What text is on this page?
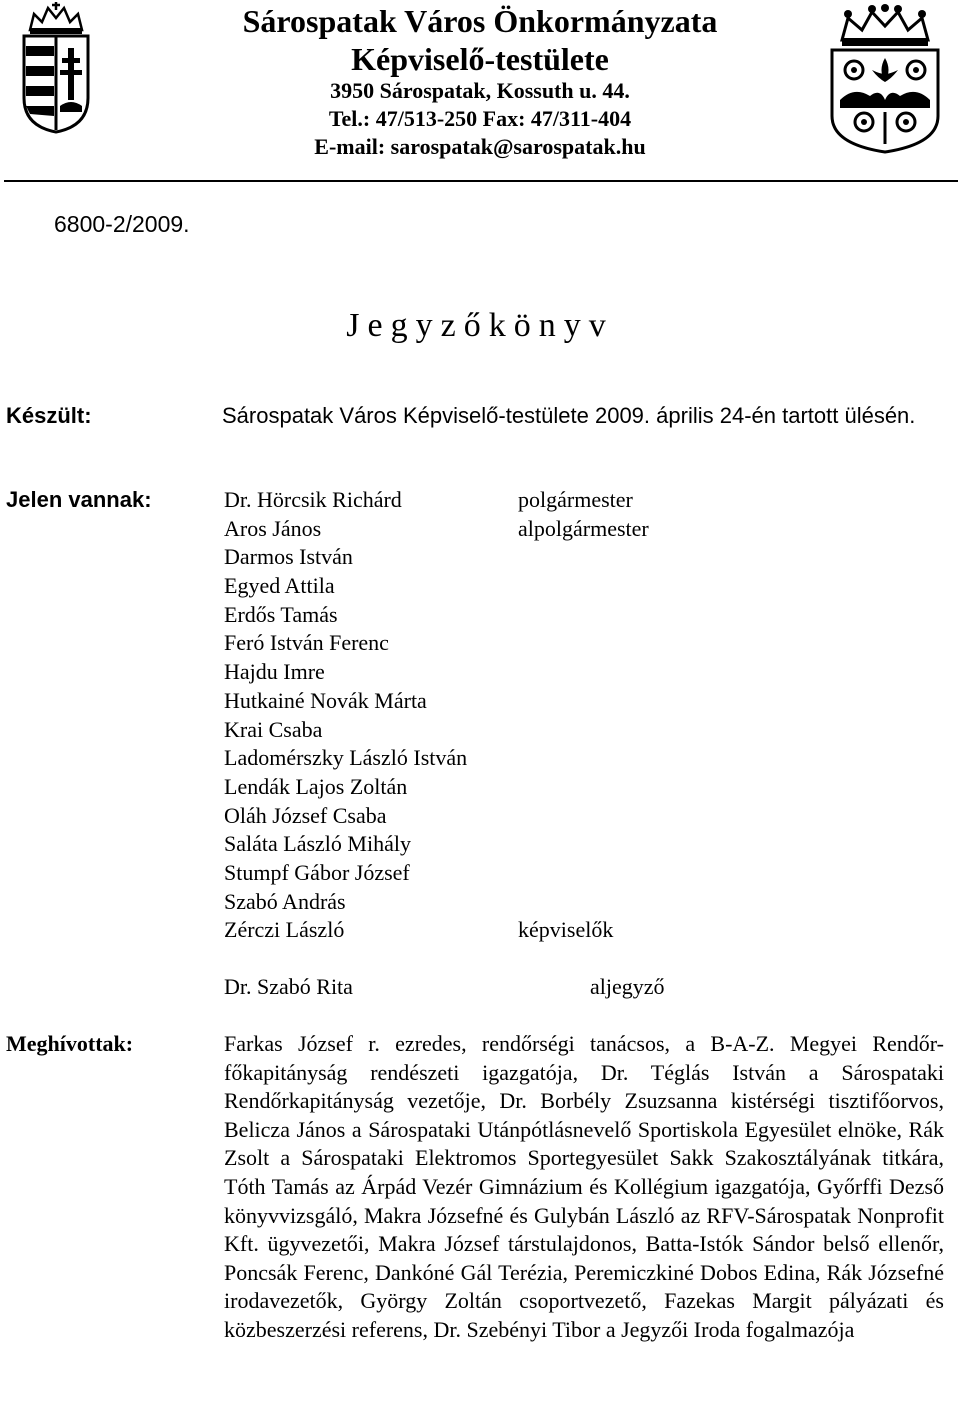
Sárospatak Város Önkormányzata
Képviselő-testülete
3950 Sárospatak, Kossuth u. 44.
Tel.: 47/513-250 Fax: 47/311-404
E-mail: sarospatak@sarospatak.hu
6800-2/2009.
Jegyzőkönyv
Készült:	Sárospatak Város Képviselő-testülete 2009. április 24-én tartott ülésén.
Jelen vannak:	Dr. Hörcsik Richárd	polgármester
Aros János	alpolgármester
Darmos István
Egyed Attila
Erdős Tamás
Feró István Ferenc
Hajdu Imre
Hutkainé Novák Márta
Krai Csaba
Ladomérszky László István
Lendák Lajos Zoltán
Oláh József Csaba
Saláta László Mihály
Stumpf Gábor József
Szabó András
Zérczi László	képviselők
Dr. Szabó Rita	aljegyző
Meghívottak:	Farkas József r. ezredes, rendőrségi tanácsos, a B-A-Z. Megyei Rendőr-főkapitányság rendészeti igazgatója, Dr. Téglás István a Sárospataki Rendőrkapitányság vezetője, Dr. Borbély Zsuzsanna kistérségi tisztifőorvos, Belicza János a Sárospataki Utánpótlásnevelő Sportiskola Egyesület elnöke, Rák Zsolt a Sárospataki Elektromos Sportegyesület Sakk Szakosztályának titkára, Tóth Tamás az Árpád Vezér Gimnázium és Kollégium igazgatója, Győrffi Dezső könyvvizsgáló, Makra Józsefné és Gulybán László az RFV-Sárospatak Nonprofit Kft. ügyvezetői, Makra József társtulajdonos, Batta-Istók Sándor belső ellenőr, Poncsák Ferenc, Dankóné Gál Terézia, Peremiczkiné Dobos Edina, Rák Józsefné irodavezetők, György Zoltán csoportvezető, Fazekas Margit pályázati és közbeszerzési referens, Dr. Szebényi Tibor a Jegyzői Iroda fogalmazója
